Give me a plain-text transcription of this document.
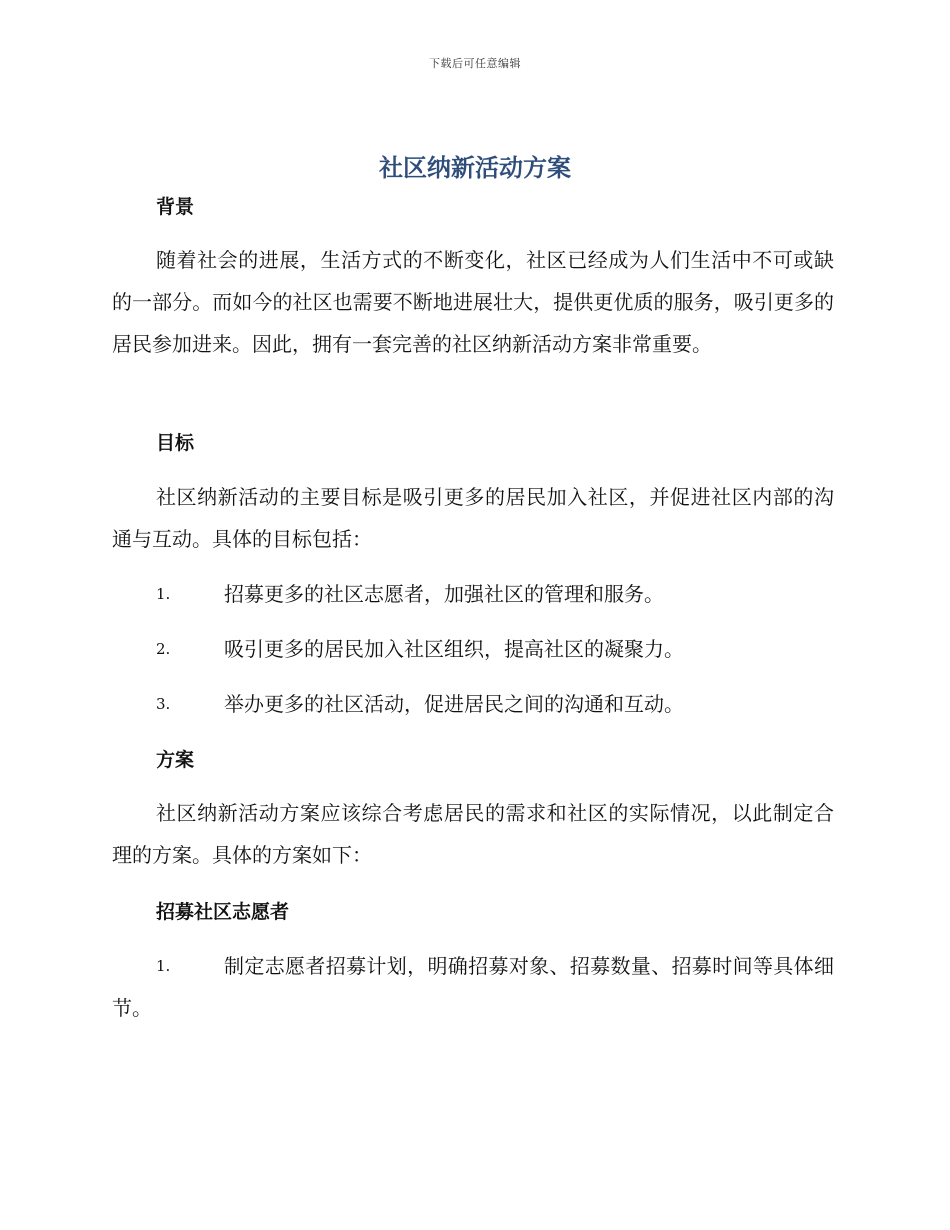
下载后可任意编辑
社区纳新活动方案
背景
随着社会的进展，生活方式的不断变化，社区已经成为人们生活中不可或缺的一部分。而如今的社区也需要不断地进展壮大，提供更优质的服务，吸引更多的居民参加进来。因此，拥有一套完善的社区纳新活动方案非常重要。
目标
社区纳新活动的主要目标是吸引更多的居民加入社区，并促进社区内部的沟通与互动。具体的目标包括：
1.	招募更多的社区志愿者，加强社区的管理和服务。
2.	吸引更多的居民加入社区组织，提高社区的凝聚力。
3.	举办更多的社区活动，促进居民之间的沟通和互动。
方案
社区纳新活动方案应该综合考虑居民的需求和社区的实际情况，以此制定合理的方案。具体的方案如下：
招募社区志愿者
1.	制定志愿者招募计划，明确招募对象、招募数量、招募时间等具体细节。
